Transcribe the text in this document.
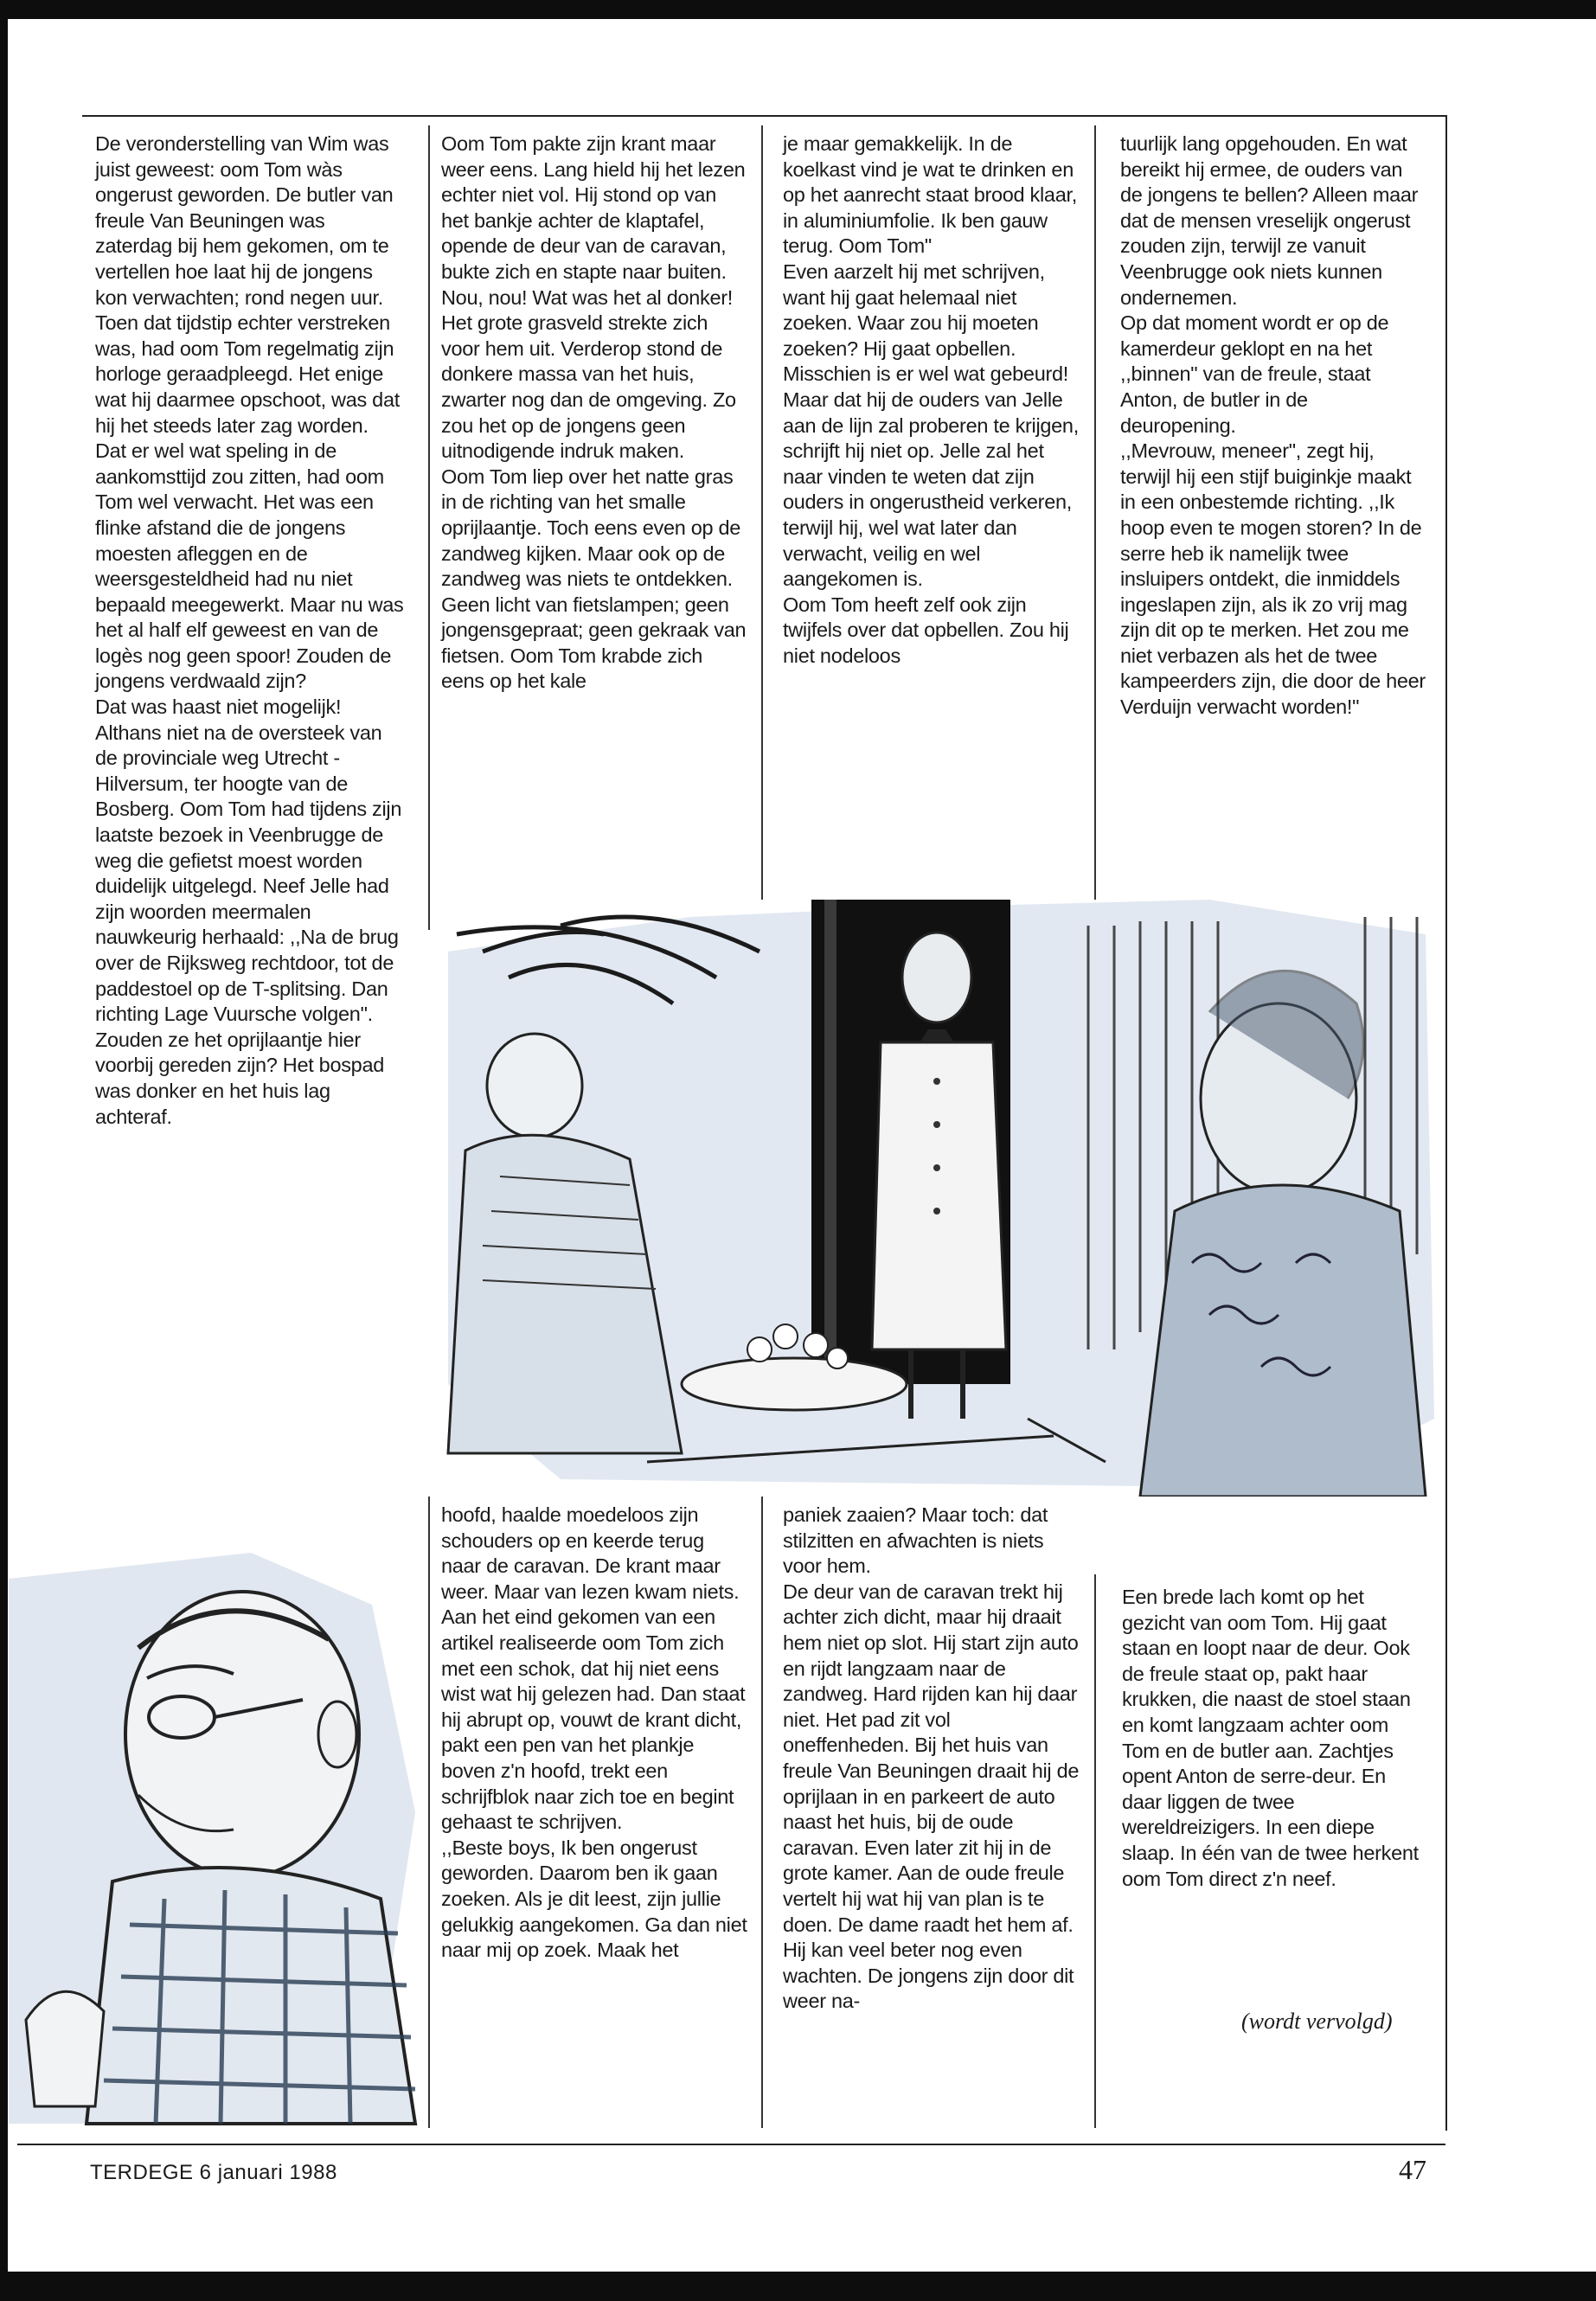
De veronderstelling van Wim was juist geweest: oom Tom wàs ongerust geworden. De butler van freule Van Beuningen was zaterdag bij hem gekomen, om te vertellen hoe laat hij de jongens kon verwachten; rond negen uur.

Toen dat tijdstip echter verstreken was, had oom Tom regelmatig zijn horloge geraadpleegd. Het enige wat hij daarmee opschoot, was dat hij het steeds later zag worden.

Dat er wel wat speling in de aankomsttijd zou zitten, had oom Tom wel verwacht. Het was een flinke afstand die de jongens moesten afleggen en de weersgesteldheid had nu niet bepaald meegewerkt. Maar nu was het al half elf geweest en van de logès nog geen spoor! Zouden de jongens verdwaald zijn?

Dat was haast niet mogelijk! Althans niet na de oversteek van de provinciale weg Utrecht - Hilversum, ter hoogte van de Bosberg. Oom Tom had tijdens zijn laatste bezoek in Veenbrugge de weg die gefietst moest worden duidelijk uitgelegd. Neef Jelle had zijn woorden meermalen nauwkeurig herhaald: ,,Na de brug over de Rijksweg rechtdoor, tot de paddestoel op de T-splitsing. Dan richting Lage Vuursche volgen".

Zouden ze het oprijlaantje hier voorbij gereden zijn? Het bospad was donker en het huis lag achteraf.

Oom Tom pakte zijn krant maar weer eens. Lang hield hij het lezen echter niet vol. Hij stond op van het bankje achter de klaptafel, opende de deur van de caravan, bukte zich en stapte naar buiten.

Nou, nou! Wat was het al donker! Het grote grasveld strekte zich voor hem uit. Verderop stond de donkere massa van het huis, zwarter nog dan de omgeving. Zo zou het op de jongens geen uitnodigende indruk maken.

Oom Tom liep over het natte gras in de richting van het smalle oprijlaantje. Toch eens even op de zandweg kijken. Maar ook op de zandweg was niets te ontdekken. Geen licht van fietslampen; geen jongensgepraat; geen gekraak van fietsen. Oom Tom krabde zich eens op het kale

je maar gemakkelijk. In de koelkast vind je wat te drinken en op het aanrecht staat brood klaar, in aluminiumfolie. Ik ben gauw terug. Oom Tom"

Even aarzelt hij met schrijven, want hij gaat helemaal niet zoeken. Waar zou hij moeten zoeken? Hij gaat opbellen. Misschien is er wel wat gebeurd!

Maar dat hij de ouders van Jelle aan de lijn zal proberen te krijgen, schrijft hij niet op. Jelle zal het naar vinden te weten dat zijn ouders in ongerustheid verkeren, terwijl hij, wel wat later dan verwacht, veilig en wel aangekomen is.

Oom Tom heeft zelf ook zijn twijfels over dat opbellen. Zou hij niet nodeloos

tuurlijk lang opgehouden. En wat bereikt hij ermee, de ouders van de jongens te bellen? Alleen maar dat de mensen vreselijk ongerust zouden zijn, terwijl ze vanuit Veenbrugge ook niets kunnen ondernemen.

Op dat moment wordt er op de kamerdeur geklopt en na het ,,binnen" van de freule, staat Anton, de butler in de deuropening.

,,Mevrouw, meneer", zegt hij, terwijl hij een stijf buiginkje maakt in een onbestemde richting. ,,Ik hoop even te mogen storen? In de serre heb ik namelijk twee insluipers ontdekt, die inmiddels ingeslapen zijn, als ik zo vrij mag zijn dit op te merken. Het zou me niet verbazen als het de twee kampeerders zijn, die door de heer Verduijn verwacht worden!"

hoofd, haalde moedeloos zijn schouders op en keerde terug naar de caravan. De krant maar weer. Maar van lezen kwam niets. Aan het eind gekomen van een artikel realiseerde oom Tom zich met een schok, dat hij niet eens wist wat hij gelezen had. Dan staat hij abrupt op, vouwt de krant dicht, pakt een pen van het plankje boven z'n hoofd, trekt een schrijfblok naar zich toe en begint gehaast te schrijven.

,,Beste boys, Ik ben ongerust geworden. Daarom ben ik gaan zoeken. Als je dit leest, zijn jullie gelukkig aangekomen. Ga dan niet naar mij op zoek. Maak het

paniek zaaien? Maar toch: dat stilzitten en afwachten is niets voor hem.

De deur van de caravan trekt hij achter zich dicht, maar hij draait hem niet op slot. Hij start zijn auto en rijdt langzaam naar de zandweg. Hard rijden kan hij daar niet. Het pad zit vol oneffenheden. Bij het huis van freule Van Beuningen draait hij de oprijlaan in en parkeert de auto naast het huis, bij de oude caravan. Even later zit hij in de grote kamer. Aan de oude freule vertelt hij wat hij van plan is te doen. De dame raadt het hem af. Hij kan veel beter nog even wachten. De jongens zijn door dit weer na-

Een brede lach komt op het gezicht van oom Tom. Hij gaat staan en loopt naar de deur. Ook de freule staat op, pakt haar krukken, die naast de stoel staan en komt langzaam achter oom Tom en de butler aan. Zachtjes opent Anton de serre-deur. En daar liggen de twee wereldreizigers. In een diepe slaap. In één van de twee herkent oom Tom direct z'n neef.

(wordt vervolgd)
TERDEGE 6 januari 1988	47
